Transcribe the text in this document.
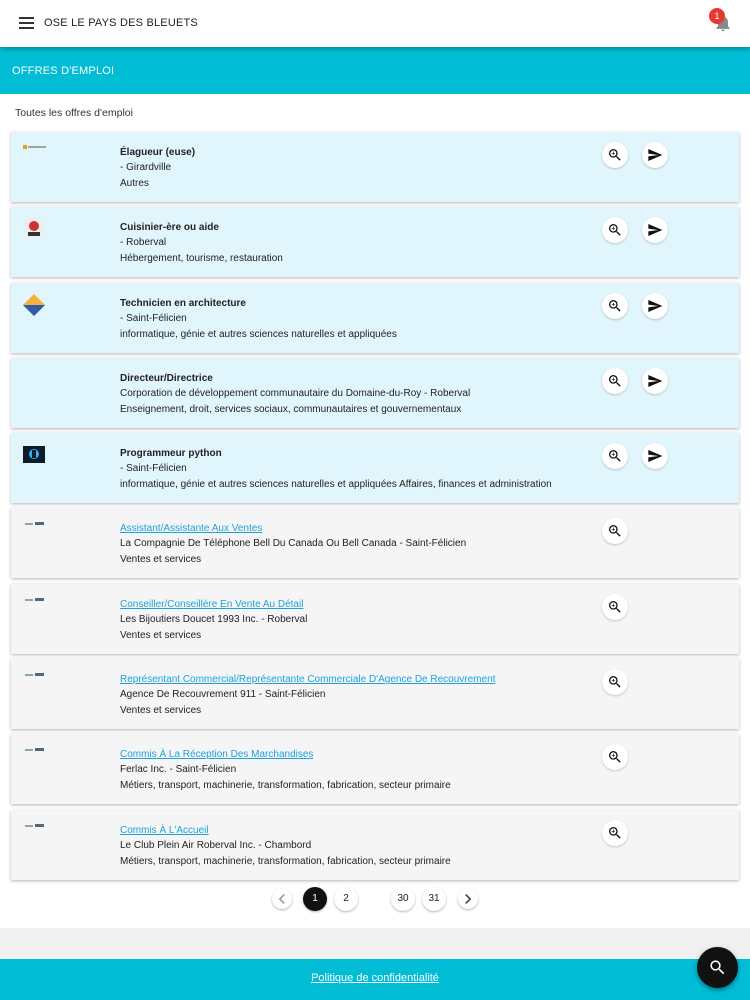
OSE LE PAYS DES BLEUETS
1
OFFRES D'EMPLOI
Toutes les offres d'emploi
Élagueur (euse)
- Girardville
Autres
Cuisinier-ère ou aide
- Roberval
Hébergement, tourisme, restauration
Technicien en architecture
- Saint-Félicien
informatique, génie et autres sciences naturelles et appliquées
Directeur/Directrice
Corporation de développement communautaire du Domaine-du-Roy - Roberval
Enseignement, droit, services sociaux, communautaires et gouvernementaux
Programmeur python
- Saint-Félicien
informatique, génie et autres sciences naturelles et appliquées Affaires, finances et administration
Assistant/Assistante Aux Ventes
La Compagnie De Téléphone Bell Du Canada Ou Bell Canada - Saint-Félicien
Ventes et services
Conseiller/Conseillère En Vente Au Détail
Les Bijoutiers Doucet 1993 Inc. - Roberval
Ventes et services
Représentant Commercial/Représentante Commerciale D'Agence De Recouvrement
Agence De Recouvrement 911 - Saint-Félicien
Ventes et services
Commis À La Réception Des Marchandises
Ferlac Inc. - Saint-Félicien
Métiers, transport, machinerie, transformation, fabrication, secteur primaire
Commis À L'Accueil
Le Club Plein Air Roberval Inc. - Chambord
Métiers, transport, machinerie, transformation, fabrication, secteur primaire
1	2	30	31
Politique de confidentialité
